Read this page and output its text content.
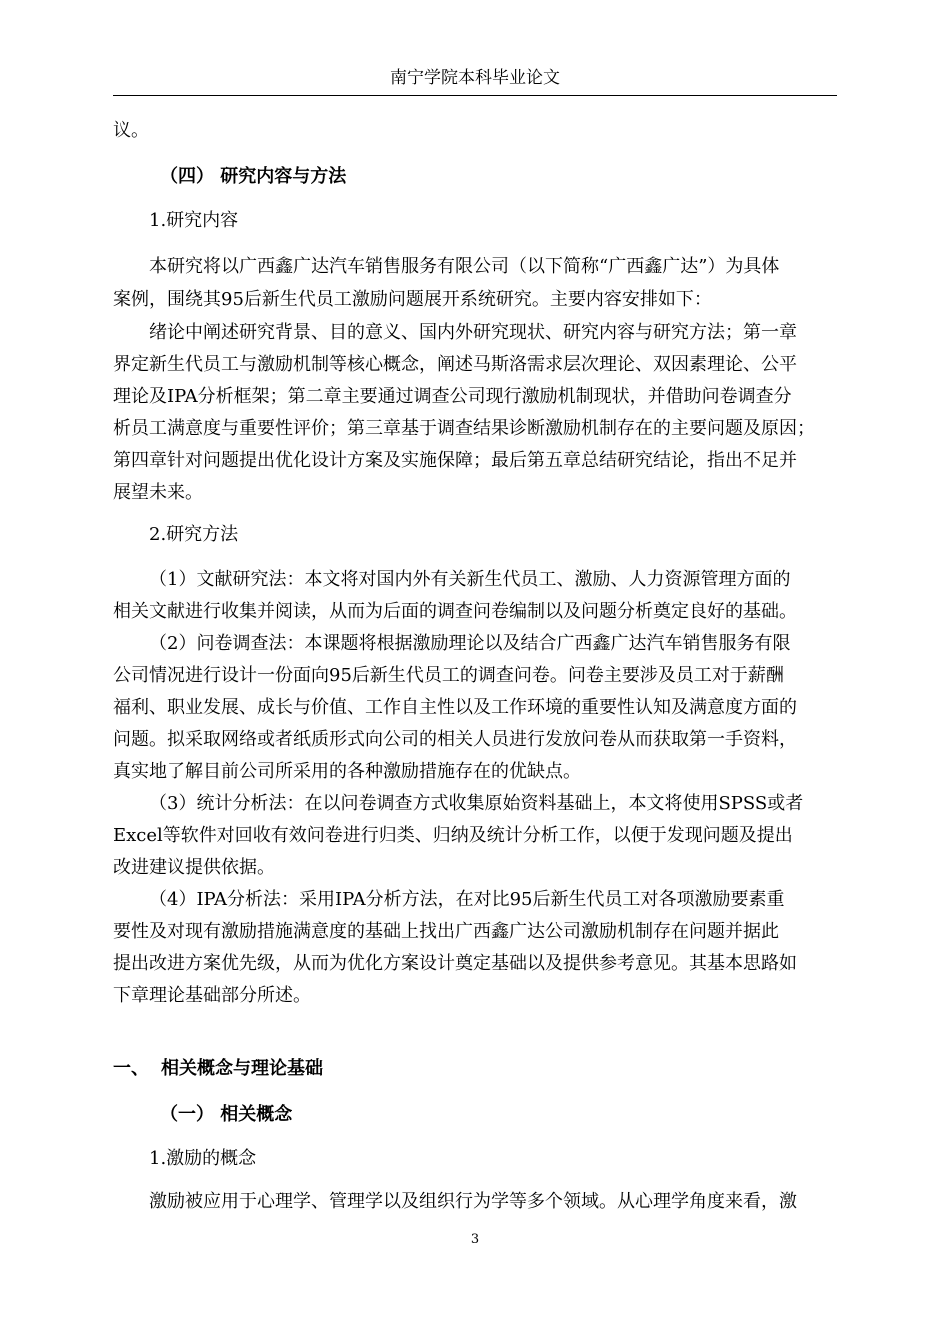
南宁学院本科毕业论文
议。
（四） 研究内容与方法
1.研究内容
本研究将以广西鑫广达汽车销售服务有限公司（以下简称“广西鑫广达”）为具体
案例，围绕其95后新生代员工激励问题展开系统研究。主要内容安排如下：
绪论中阐述研究背景、目的意义、国内外研究现状、研究内容与研究方法；第一章
界定新生代员工与激励机制等核心概念，阐述马斯洛需求层次理论、双因素理论、公平
理论及IPA分析框架；第二章主要通过调查公司现行激励机制现状，并借助问卷调查分
析员工满意度与重要性评价；第三章基于调查结果诊断激励机制存在的主要问题及原因；
第四章针对问题提出优化设计方案及实施保障；最后第五章总结研究结论，指出不足并
展望未来。
2.研究方法
（1）文献研究法：本文将对国内外有关新生代员工、激励、人力资源管理方面的
相关文献进行收集并阅读，从而为后面的调查问卷编制以及问题分析奠定良好的基础。
（2）问卷调查法：本课题将根据激励理论以及结合广西鑫广达汽车销售服务有限
公司情况进行设计一份面向95后新生代员工的调查问卷。问卷主要涉及员工对于薪酬
福利、职业发展、成长与价值、工作自主性以及工作环境的重要性认知及满意度方面的
问题。拟采取网络或者纸质形式向公司的相关人员进行发放问卷从而获取第一手资料，
真实地了解目前公司所采用的各种激励措施存在的优缺点。
（3）统计分析法：在以问卷调查方式收集原始资料基础上，本文将使用SPSS或者
Excel等软件对回收有效问卷进行归类、归纳及统计分析工作，以便于发现问题及提出
改进建议提供依据。
（4）IPA分析法：采用IPA分析方法，在对比95后新生代员工对各项激励要素重
要性及对现有激励措施满意度的基础上找出广西鑫广达公司激励机制存在问题并据此
提出改进方案优先级，从而为优化方案设计奠定基础以及提供参考意见。其基本思路如
下章理论基础部分所述。
一、 相关概念与理论基础
（一） 相关概念
1.激励的概念
激励被应用于心理学、管理学以及组织行为学等多个领域。从心理学角度来看，激
3
